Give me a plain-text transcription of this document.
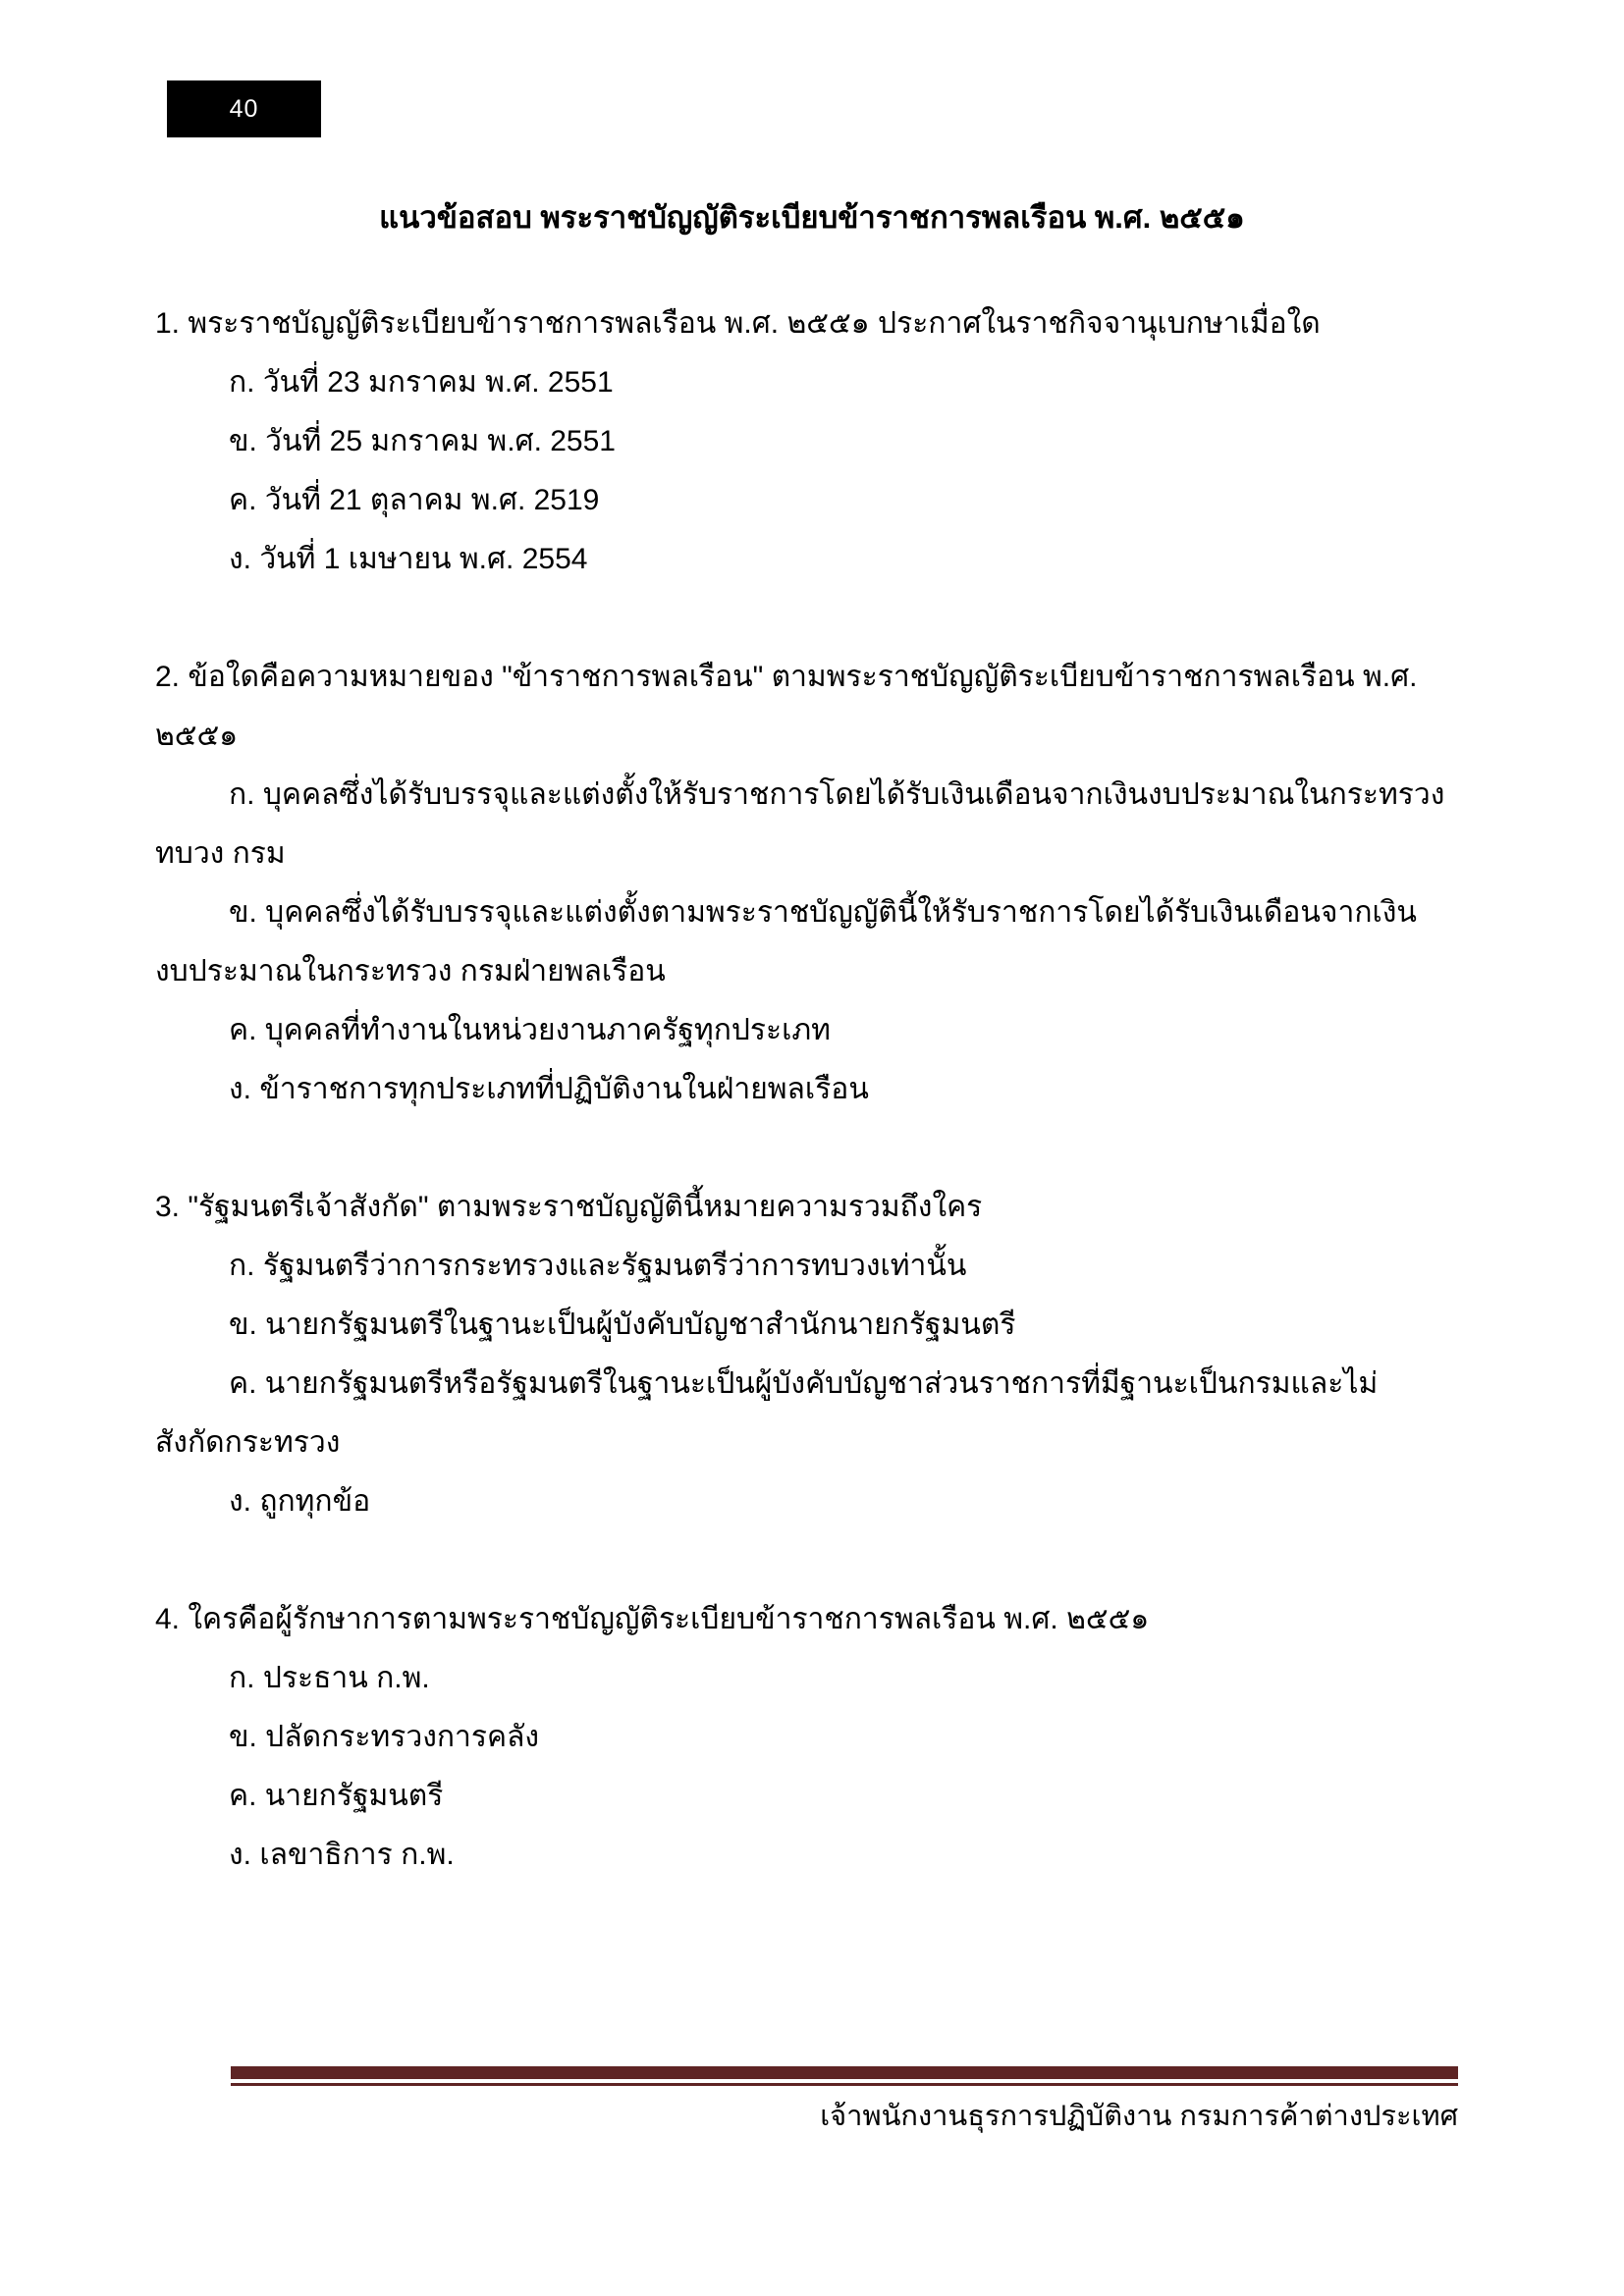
40
แนวข้อสอบ พระราชบัญญัติระเบียบข้าราชการพลเรือน พ.ศ. ๒๕๕๑

1. พระราชบัญญัติระเบียบข้าราชการพลเรือน พ.ศ. ๒๕๕๑ ประกาศในราชกิจจานุเบกษาเมื่อใด

ก. วันที่ 23 มกราคม พ.ศ. 2551

ข. วันที่ 25 มกราคม พ.ศ. 2551

ค. วันที่ 21 ตุลาคม พ.ศ. 2519

ง. วันที่ 1 เมษายน พ.ศ. 2554

2. ข้อใดคือความหมายของ "ข้าราชการพลเรือน" ตามพระราชบัญญัติระเบียบข้าราชการพลเรือน พ.ศ.

๒๕๕๑

ก. บุคคลซึ่งได้รับบรรจุและแต่งตั้งให้รับราชการโดยได้รับเงินเดือนจากเงินงบประมาณในกระทรวง

ทบวง กรม

ข. บุคคลซึ่งได้รับบรรจุและแต่งตั้งตามพระราชบัญญัตินี้ให้รับราชการโดยได้รับเงินเดือนจากเงิน

งบประมาณในกระทรวง กรมฝ่ายพลเรือน

ค. บุคคลที่ทำงานในหน่วยงานภาครัฐทุกประเภท

ง. ข้าราชการทุกประเภทที่ปฏิบัติงานในฝ่ายพลเรือน

3. "รัฐมนตรีเจ้าสังกัด" ตามพระราชบัญญัตินี้หมายความรวมถึงใคร

ก. รัฐมนตรีว่าการกระทรวงและรัฐมนตรีว่าการทบวงเท่านั้น

ข. นายกรัฐมนตรีในฐานะเป็นผู้บังคับบัญชาสำนักนายกรัฐมนตรี

ค. นายกรัฐมนตรีหรือรัฐมนตรีในฐานะเป็นผู้บังคับบัญชาส่วนราชการที่มีฐานะเป็นกรมและไม่

สังกัดกระทรวง

ง. ถูกทุกข้อ

4. ใครคือผู้รักษาการตามพระราชบัญญัติระเบียบข้าราชการพลเรือน พ.ศ. ๒๕๕๑

ก. ประธาน ก.พ.

ข. ปลัดกระทรวงการคลัง

ค. นายกรัฐมนตรี

ง. เลขาธิการ ก.พ.

เจ้าพนักงานธุรการปฏิบัติงาน กรมการค้าต่างประเทศ
